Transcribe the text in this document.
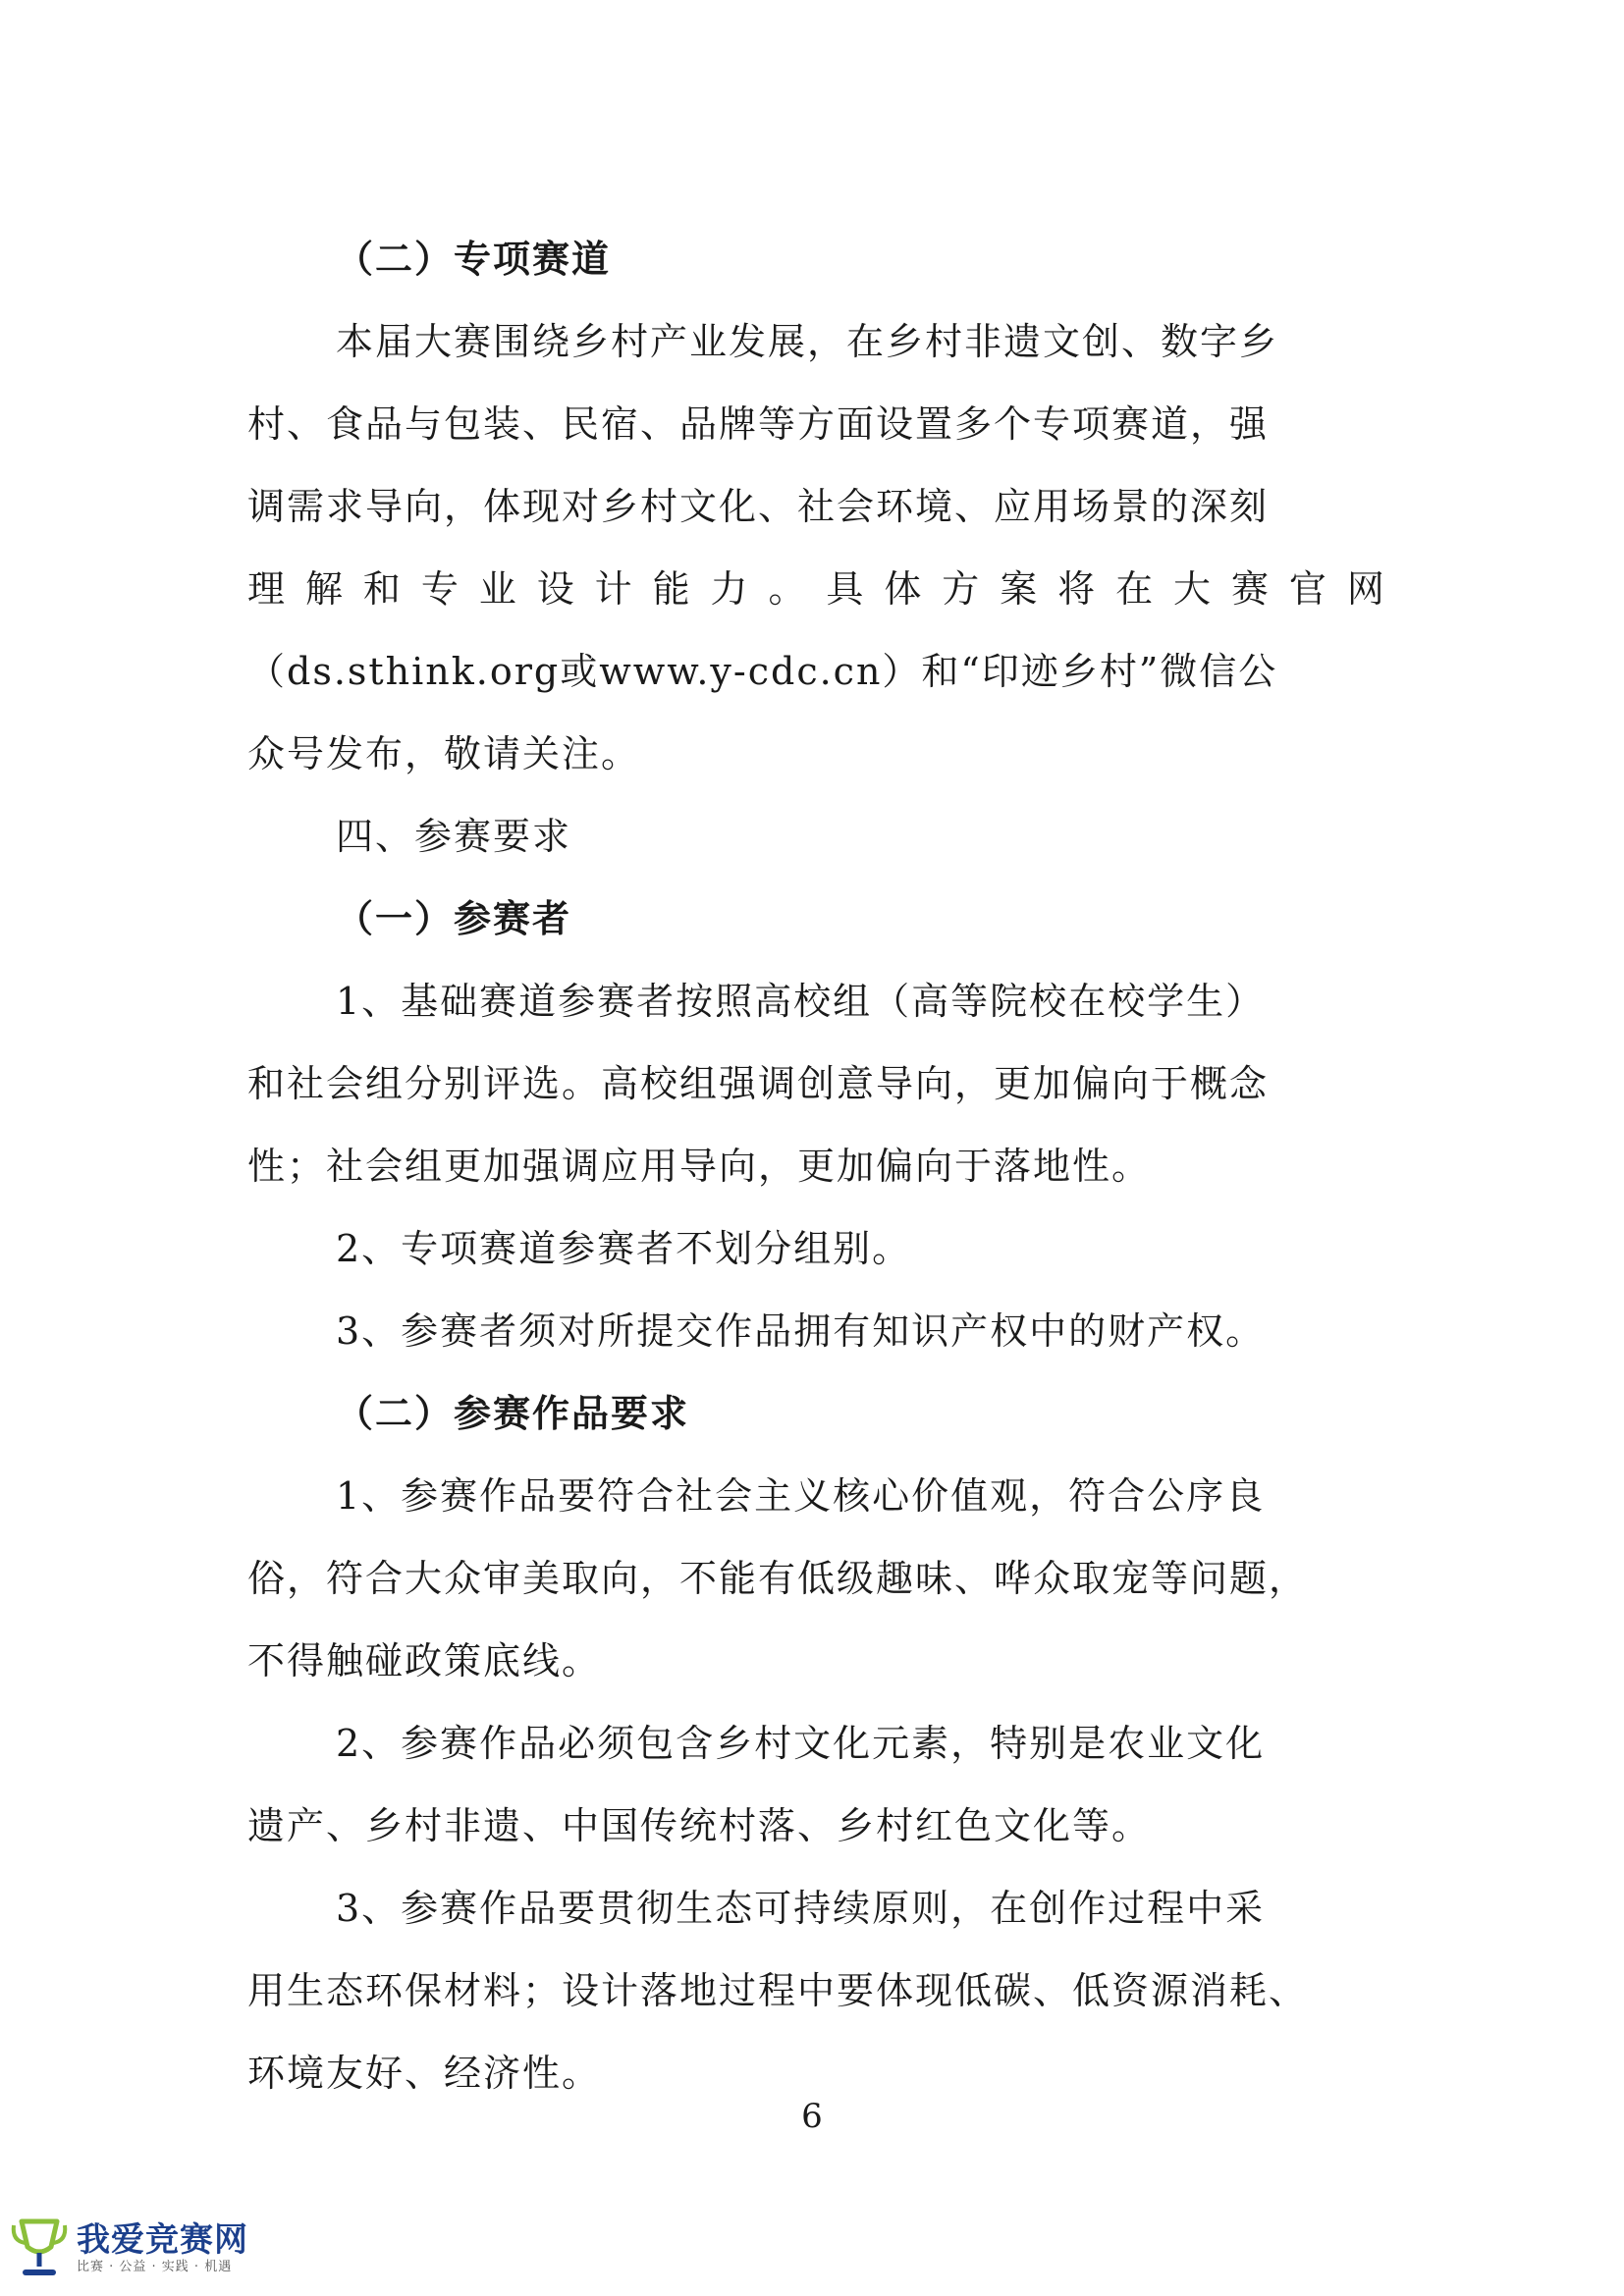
（二）专项赛道
本届大赛围绕乡村产业发展，在乡村非遗文创、数字乡
村、食品与包装、民宿、品牌等方面设置多个专项赛道，强
调需求导向，体现对乡村文化、社会环境、应用场景的深刻
理 解 和 专 业 设 计 能 力 。 具 体 方 案 将 在 大 赛 官 网
（ds.sthink.org或www.y-cdc.cn）和“印迹乡村”微信公
众号发布，敬请关注。
四、参赛要求
（一）参赛者
1、基础赛道参赛者按照高校组（高等院校在校学生）
和社会组分别评选。高校组强调创意导向，更加偏向于概念
性；社会组更加强调应用导向，更加偏向于落地性。
2、专项赛道参赛者不划分组别。
3、参赛者须对所提交作品拥有知识产权中的财产权。
（二）参赛作品要求
1、参赛作品要符合社会主义核心价值观，符合公序良
俗，符合大众审美取向，不能有低级趣味、哗众取宠等问题，
不得触碰政策底线。
2、参赛作品必须包含乡村文化元素，特别是农业文化
遗产、乡村非遗、中国传统村落、乡村红色文化等。
3、参赛作品要贯彻生态可持续原则，在创作过程中采
用生态环保材料；设计落地过程中要体现低碳、低资源消耗、
环境友好、经济性。
6
我爱竞赛网
比赛 · 公益 · 实践 · 机遇
